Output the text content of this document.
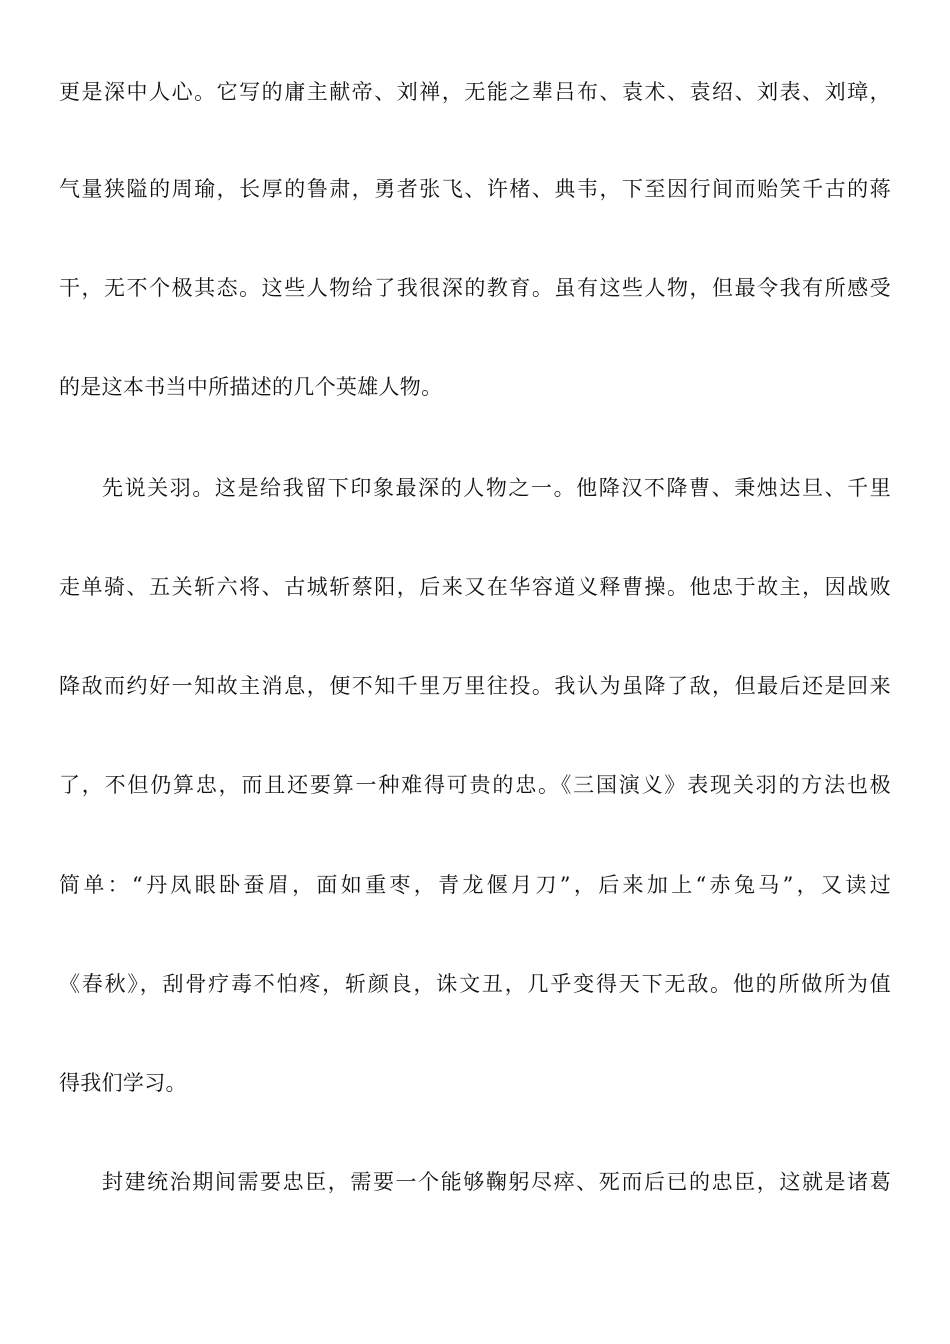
更是深中人心。它写的庸主献帝、刘禅，无能之辈吕布、袁术、袁绍、刘表、刘璋，
气量狭隘的周瑜，长厚的鲁肃，勇者张飞、许楮、典韦，下至因行间而贻笑千古的蒋
干，无不个极其态。这些人物给了我很深的教育。虽有这些人物，但最令我有所感受
的是这本书当中所描述的几个英雄人物。
先说关羽。这是给我留下印象最深的人物之一。他降汉不降曹、秉烛达旦、千里
走单骑、五关斩六将、古城斩蔡阳，后来又在华容道义释曹操。他忠于故主，因战败
降敌而约好一知故主消息，便不知千里万里往投。我认为虽降了敌，但最后还是回来
了，不但仍算忠，而且还要算一种难得可贵的忠。《三国演义》表现关羽的方法也极
简单：“丹凤眼卧蚕眉，面如重枣，青龙偃月刀”，后来加上“赤兔马”，又读过
《春秋》，刮骨疗毒不怕疼，斩颜良，诛文丑，几乎变得天下无敌。他的所做所为值
得我们学习。
封建统治期间需要忠臣，需要一个能够鞠躬尽瘁、死而后已的忠臣，这就是诸葛
